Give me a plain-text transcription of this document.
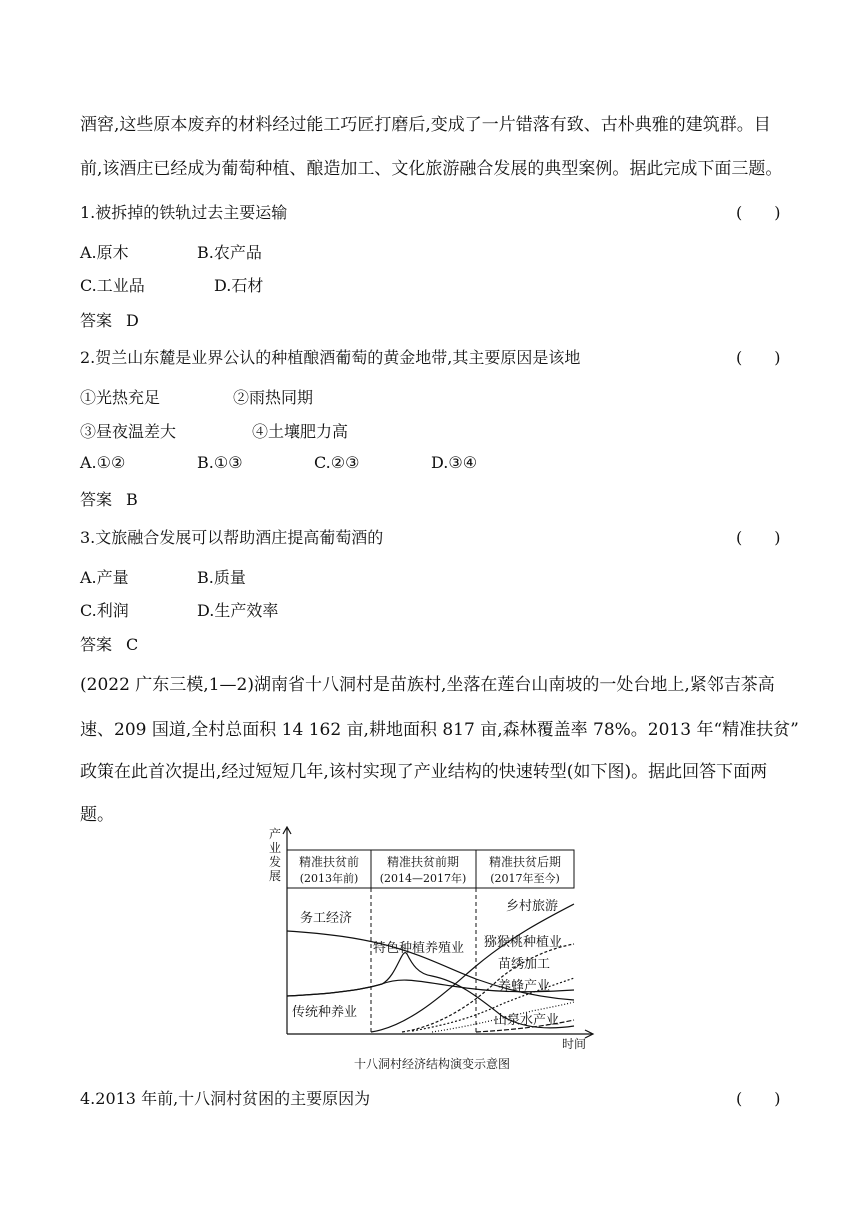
酒窖,这些原本废弃的材料经过能工巧匠打磨后,变成了一片错落有致、古朴典雅的建筑群。目
前,该酒庄已经成为葡萄种植、酿造加工、文化旅游融合发展的典型案例。据此完成下面三题。
1.被拆掉的铁轨过去主要运输	(　　)
A.原木	B.农产品
C.工业品	D.石材
答案 D
2.贺兰山东麓是业界公认的种植酿酒葡萄的黄金地带,其主要原因是该地	(　　)
①光热充足	②雨热同期
③昼夜温差大	④土壤肥力高
A.①②	B.①③	C.②③	D.③④
答案 B
3.文旅融合发展可以帮助酒庄提高葡萄酒的	(　　)
A.产量	B.质量
C.利润	D.生产效率
答案 C
(2022 广东三模,1—2)湖南省十八洞村是苗族村,坐落在莲台山南坡的一处台地上,紧邻吉茶高
速、209 国道,全村总面积 14 162 亩,耕地面积 817 亩,森林覆盖率 78%。2013 年“精准扶贫”
政策在此首次提出,经过短短几年,该村实现了产业结构的快速转型(如下图)。据此回答下面两
题。
产 业 发 展
时间
精准扶贫前
(2013年前)
精准扶贫前期
(2014—2017年)
精准扶贫后期
(2017年至今)
务工经济
特色种植养殖业
传统种养业
乡村旅游
猕猴桃种植业
苗绣加工
养蜂产业
山泉水产业
十八洞村经济结构演变示意图
4.2013 年前,十八洞村贫困的主要原因为	(　　)
